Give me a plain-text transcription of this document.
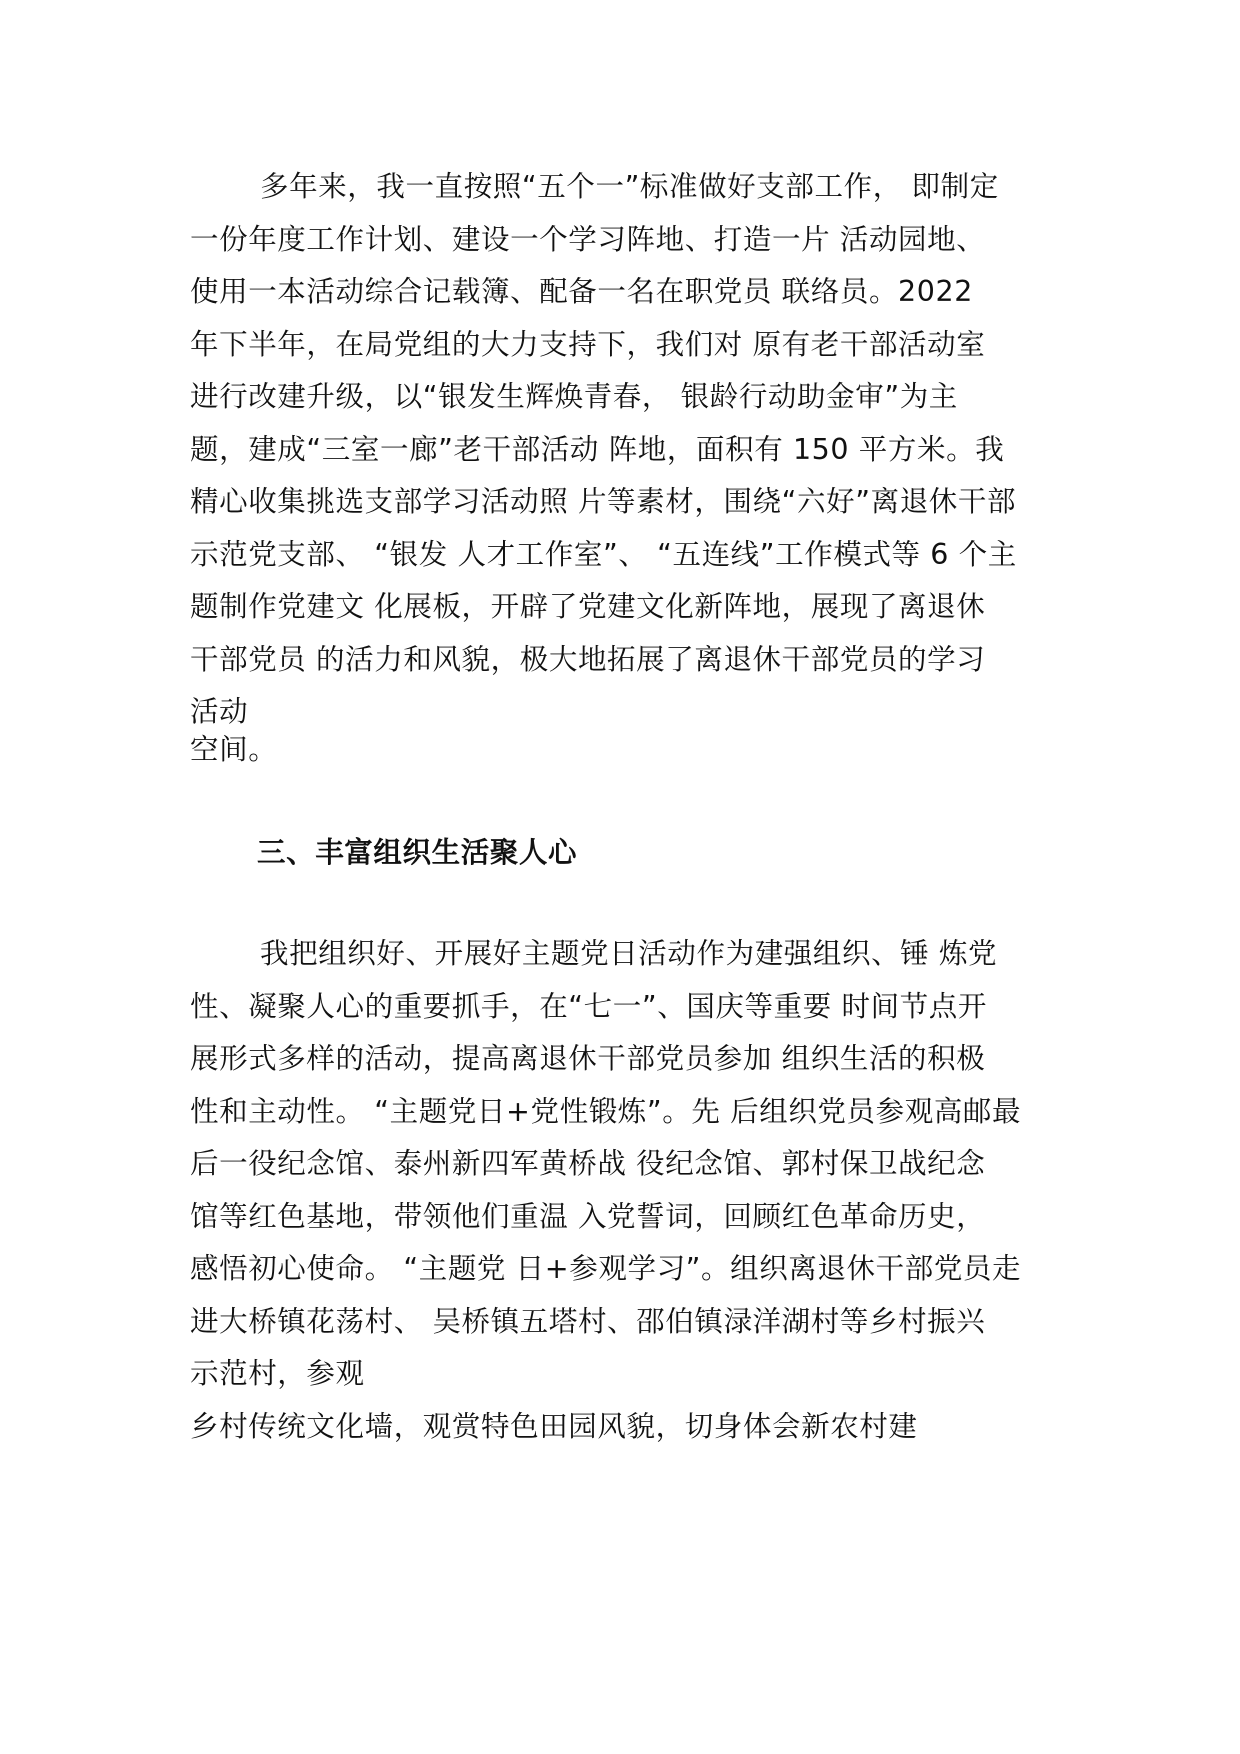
多年来，我一直按照“五个一”标准做好支部工作， 即制定
一份年度工作计划、建设一个学习阵地、打造一片 活动园地、
使用一本活动综合记载簿、配备一名在职党员 联络员。2022
年下半年，在局党组的大力支持下，我们对 原有老干部活动室
进行改建升级，以“银发生辉焕青春， 银龄行动助金审”为主
题，建成“三室一廊”老干部活动 阵地，面积有 150 平方米。我
精心收集挑选支部学习活动照 片等素材，围绕“六好”离退休干部
示范党支部、 “银发 人才工作室”、 “五连线”工作模式等 6 个主
题制作党建文 化展板，开辟了党建文化新阵地，展现了离退休
干部党员 的活力和风貌，极大地拓展了离退休干部党员的学习
活动
空间。
三、丰富组织生活聚人心
我把组织好、开展好主题党日活动作为建强组织、锤 炼党
性、凝聚人心的重要抓手，在“七一”、国庆等重要 时间节点开
展形式多样的活动，提高离退休干部党员参加 组织生活的积极
性和主动性。 “主题党日+党性锻炼”。先 后组织党员参观高邮最
后一役纪念馆、泰州新四军黄桥战 役纪念馆、郭村保卫战纪念
馆等红色基地，带领他们重温 入党誓词，回顾红色革命历史，
感悟初心使命。 “主题党 日+参观学习”。组织离退休干部党员走
进大桥镇花荡村、 吴桥镇五塔村、邵伯镇渌洋湖村等乡村振兴
示范村，参观
乡村传统文化墙，观赏特色田园风貌，切身体会新农村建
